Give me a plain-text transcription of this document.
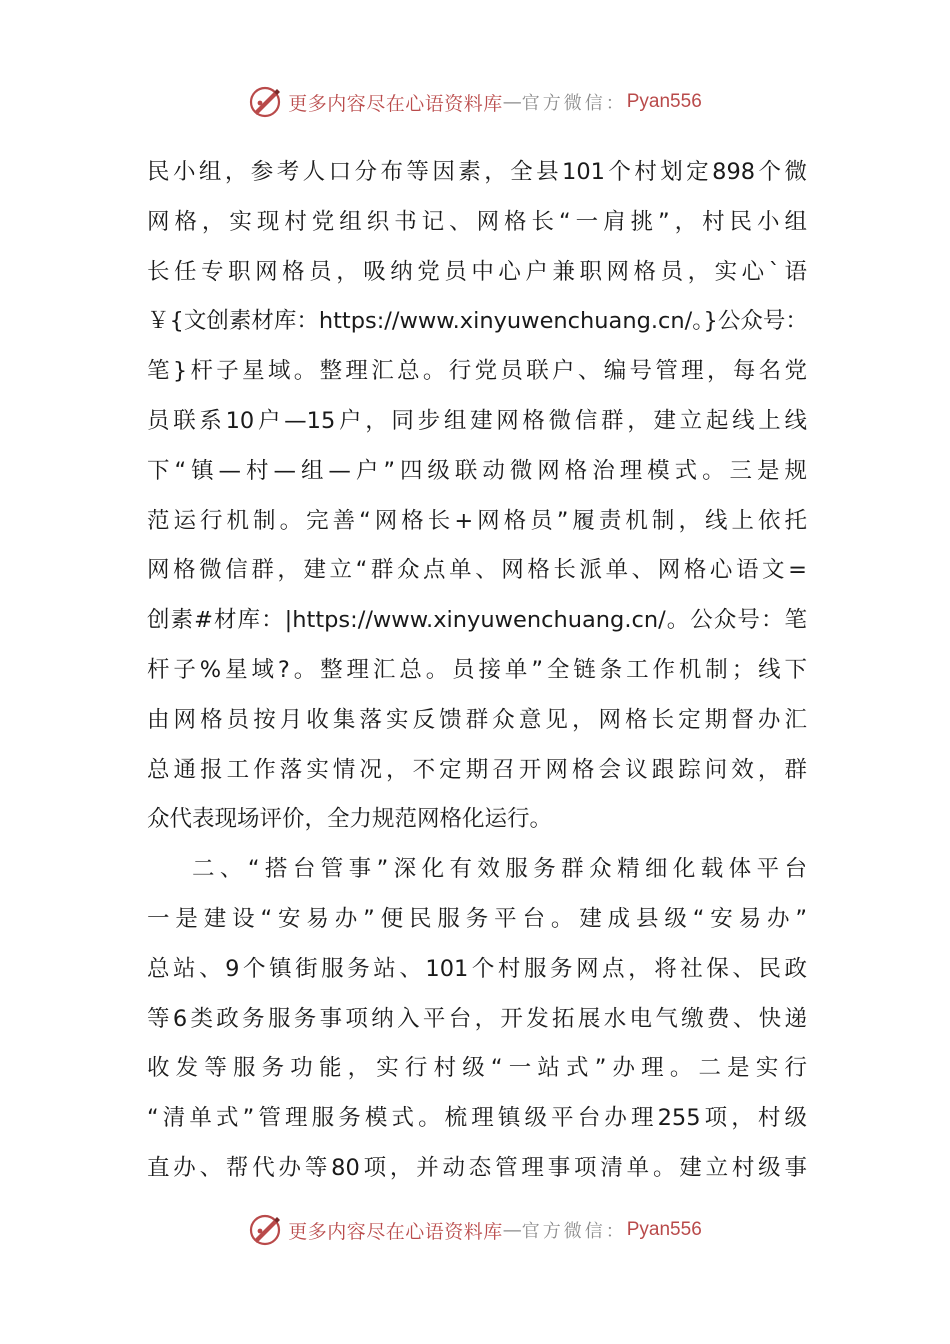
更多内容尽在心语资料库 — 官方微信： Pyan556
民小组，参考人口分布等因素，全县101个村划定898个微
网格，实现村党组织书记、网格长“一肩挑”，村民小组
长任专职网格员，吸纳党员中心户兼职网格员，实心`语
￥{文创素材库：https://www.xinyuwenchuang.cn/。}公众号：
笔}杆子星域。整理汇总。行党员联户、编号管理，每名党
员联系10户—15户，同步组建网格微信群，建立起线上线
下“镇—村—组—户”四级联动微网格治理模式。三是规
范运行机制。完善“网格长+网格员”履责机制，线上依托
网格微信群，建立“群众点单、网格长派单、网格心语文=
创素#材库：|https://www.xinyuwenchuang.cn/。公众号：笔
杆子%星域?。整理汇总。员接单”全链条工作机制；线下
由网格员按月收集落实反馈群众意见，网格长定期督办汇
总通报工作落实情况，不定期召开网格会议跟踪问效，群
众代表现场评价，全力规范网格化运行。
二、“搭台管事”深化有效服务群众精细化载体平台
一是建设“安易办”便民服务平台。建成县级“安易办”
总站、9个镇街服务站、101个村服务网点，将社保、民政
等6类政务服务事项纳入平台，开发拓展水电气缴费、快递
收发等服务功能，实行村级“一站式”办理。二是实行
“清单式”管理服务模式。梳理镇级平台办理255项，村级
直办、帮代办等80项，并动态管理事项清单。建立村级事
更多内容尽在心语资料库 — 官方微信： Pyan556
